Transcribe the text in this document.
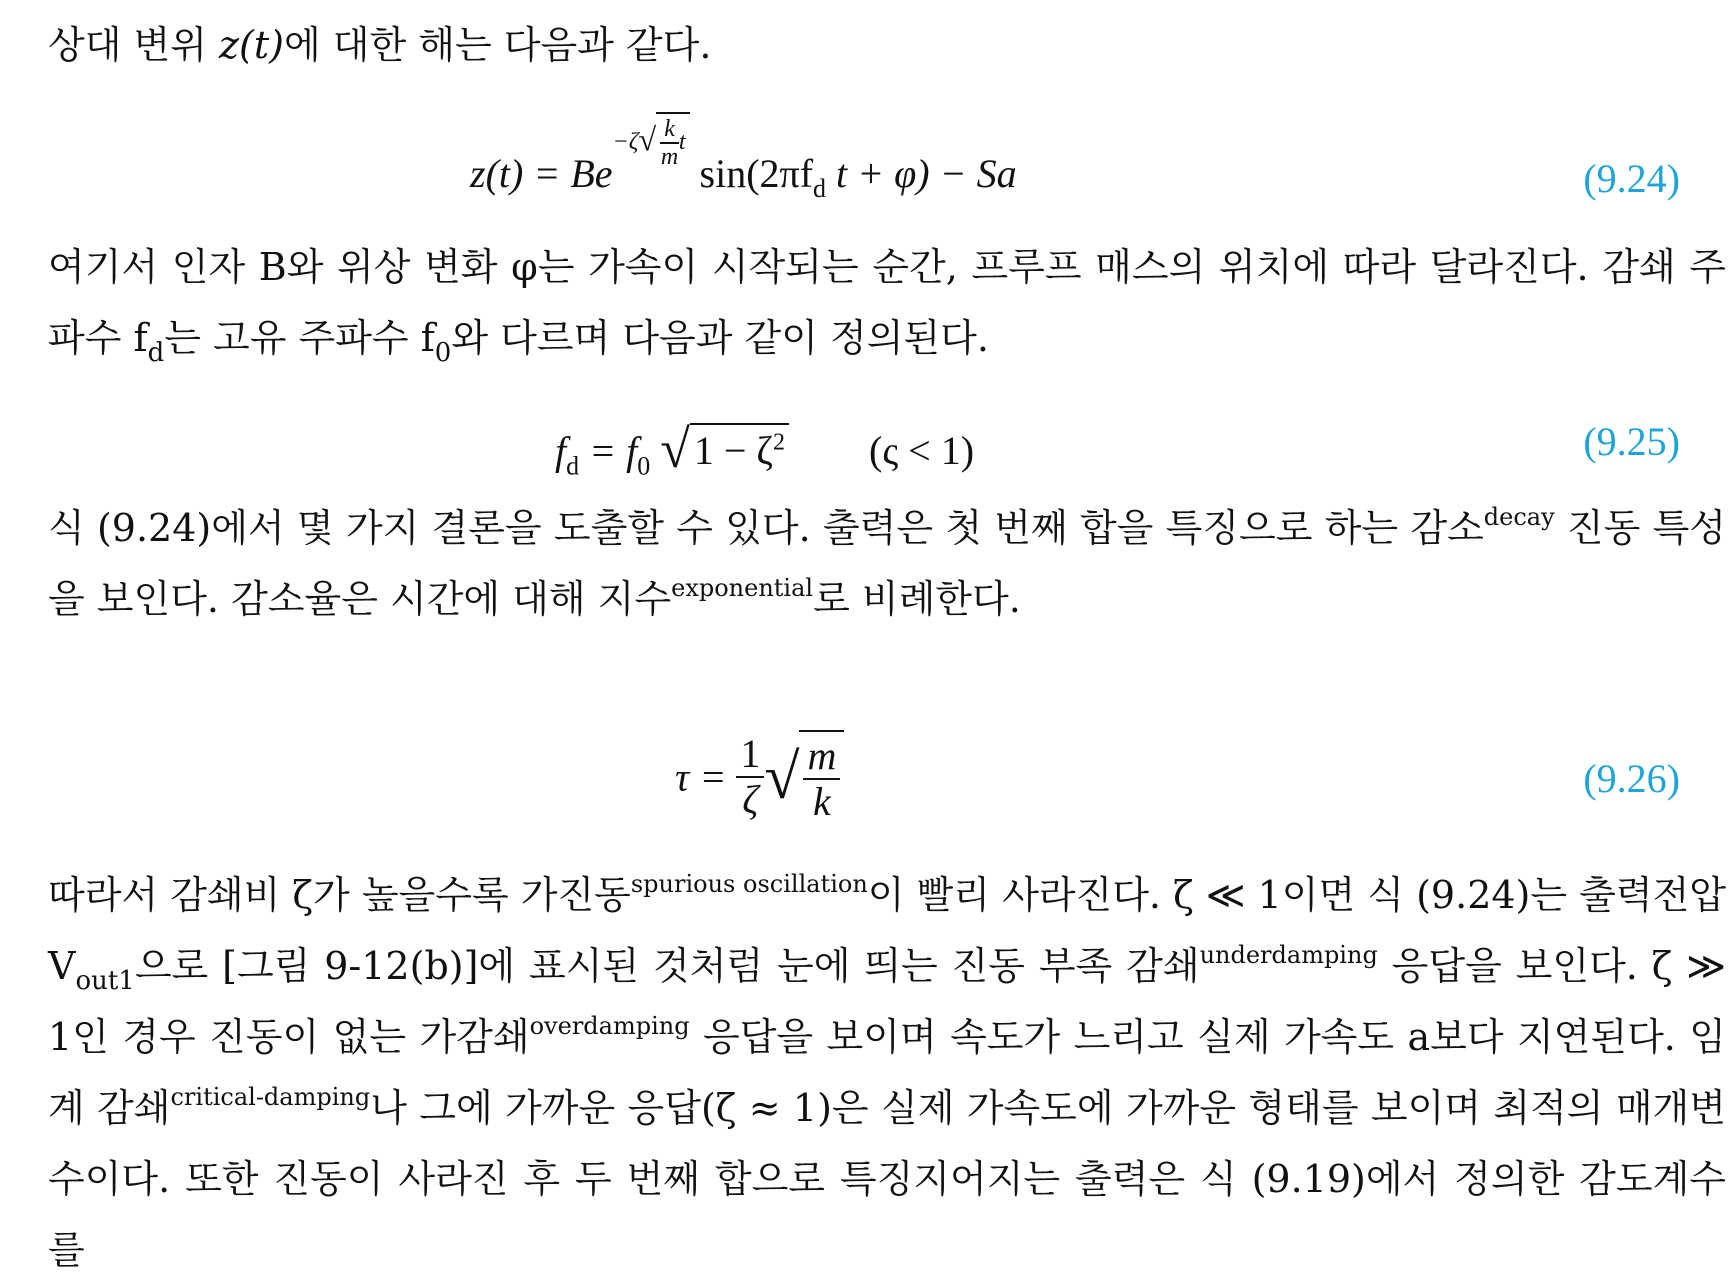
상대 변위 z(t)에 대한 해는 다음과 같다.

$z(t) = Be-\zeta√ \frac{k}{m}$ t $\sin(2\pi f_d$ t + φ) − Sa	(9.24)

여기서 인자 B와 위상 변화 φ는 가속이 시작되는 순간, 프루프 매스의 위치에 따라 달라진다. 감쇄 주파수 $f_d$는 고유 주파수 $f_0$와 다르며 다음과 같이 정의된다.

$f_d = f_0$ √ $1 - \zeta^2$ (ς < 1)	(9.25)

식 (9.24)에서 몇 가지 결론을 도출할 수 있다. 출력은 첫 번째 합을 특징으로 하는 감소$^{decay}$ 진동 특성을 보인다. 감소율은 시간에 대해 지수$^{exponential}$로 비례한다.

$\tau = \frac{1}{\zeta}$ √ $\frac{m}{k}$	(9.26)

따라서 감쇄비 ζ가 높을수록 가진동$^{spurious oscillation}$이 빨리 사라진다. ζ ≪ 1이면 식 (9.24)는 출력전압 $V_{out1}$으로 [그림 9-12(b)]에 표시된 것처럼 눈에 띄는 진동 부족 감쇄$^{underdamping}$ 응답을 보인다. ζ ≫ 1인 경우 진동이 없는 가감쇄$^{overdamping}$ 응답을 보이며 속도가 느리고 실제 가속도 a보다 지연된다. 임계 감쇄$^{critical-damping}$나 그에 가까운 응답(ζ ≈ 1)은 실제 가속도에 가까운 형태를 보이며 최적의 매개변수이다. 또한 진동이 사라진 후 두 번째 합으로 특징지어지는 출력은 식 (9.19)에서 정의한 감도계수를
